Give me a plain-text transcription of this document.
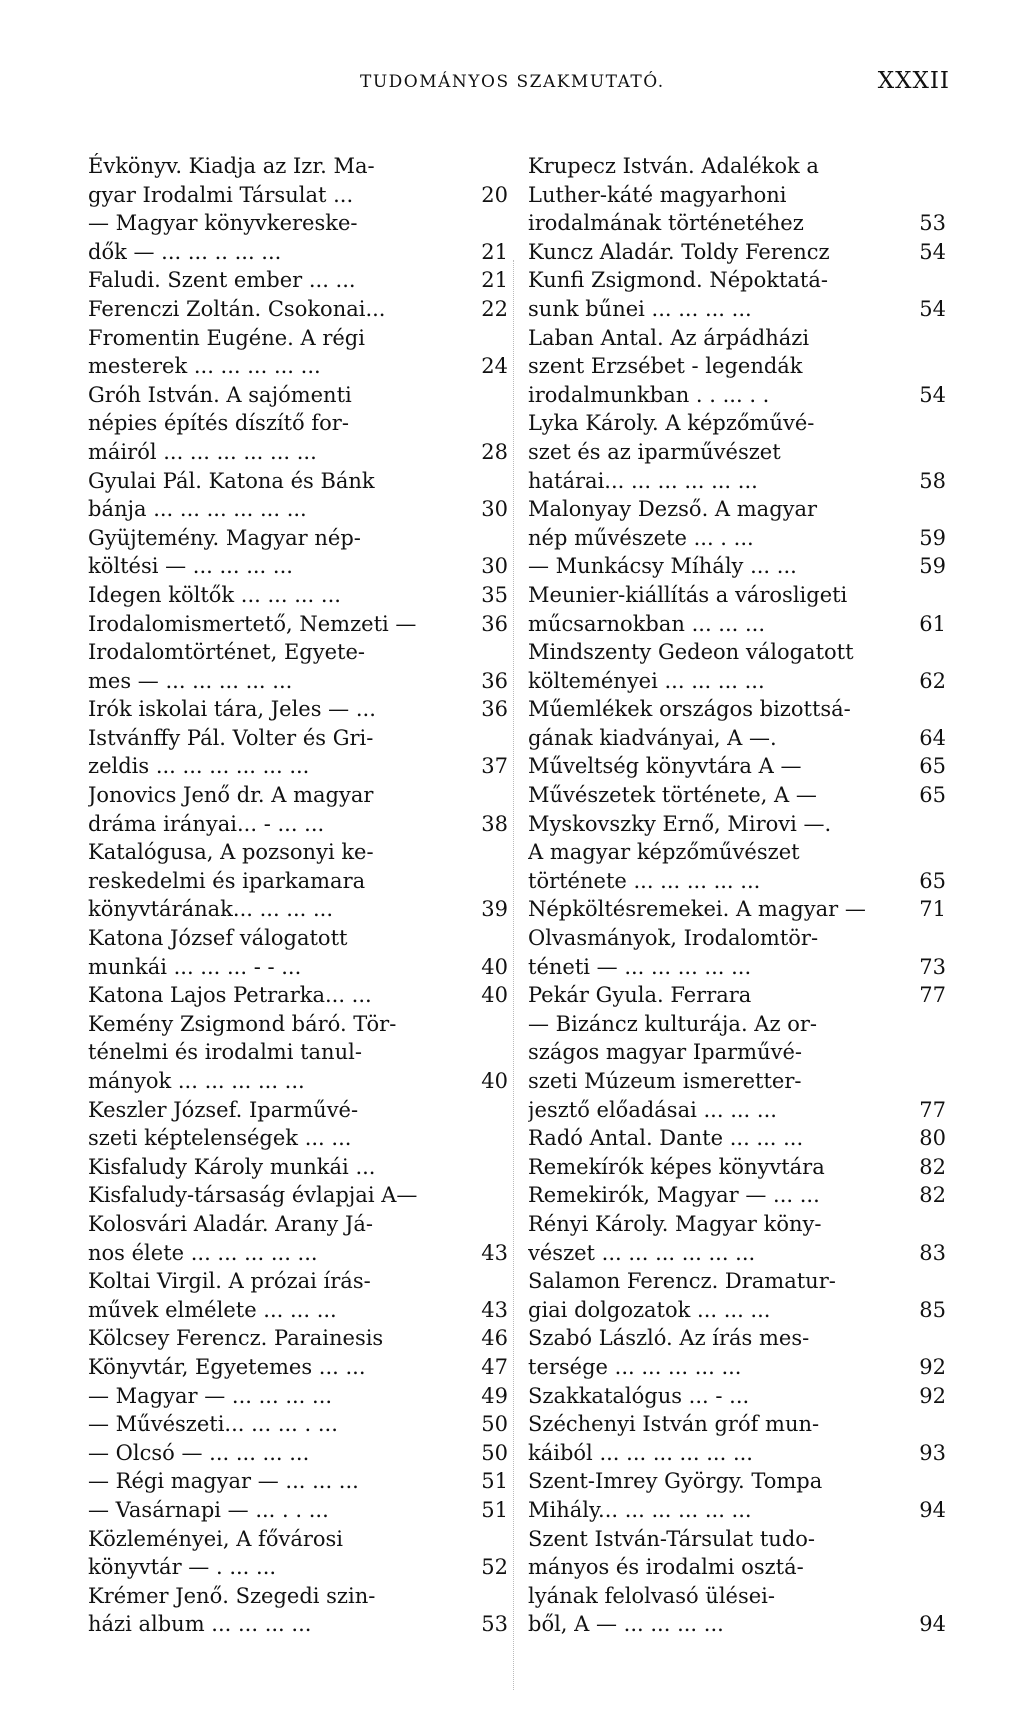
TUDOMÁNYOS SZAKMUTATÓ.	XXXII
Évkönyv. Kiadja az Izr. Ma-
gyar Irodalmi Társulat ...	20
— Magyar könyvkereske-
dők — ... ... .. ... ...	21
Faludi. Szent ember ... ...	21
Ferenczi Zoltán. Csokonai...	22
Fromentin Eugéne. A régi
mesterek ... ... ... ... ...	24
Gróh István. A sajómenti
népies építés díszítő for-
máiról ... ... ... ... ... ...	28
Gyulai Pál. Katona és Bánk
bánja ... ... ... ... ... ...	30
Gyüjtemény. Magyar nép-
költési — ... ... ... ...	30
Idegen költők ... ... ... ...	35
Irodalomismertető, Nemzeti —	36
Irodalomtörténet, Egyete-
mes — ... ... ... ... ...	36
Irók iskolai tára, Jeles — ...	36
Istvánffy Pál. Volter és Gri-
zeldis ... ... ... ... ... ...	37
Jonovics Jenő dr. A magyar
dráma irányai... - ... ...	38
Katalógusa, A pozsonyi ke-
reskedelmi és iparkamara
könyvtárának... ... ... ...	39
Katona József válogatott
munkái ... ... ... - - ...	40
Katona Lajos Petrarka... ...	40
Kemény Zsigmond báró. Tör-
ténelmi és irodalmi tanul-
mányok ... ... ... ... ...	40
Keszler József. Iparművé-
szeti képtelenségek ... ...
Kisfaludy Károly munkái ...
Kisfaludy-társaság évlapjai A—
Kolosvári Aladár. Arany Já-
nos élete ... ... ... ... ...	43
Koltai Virgil. A prózai írás-
művek elmélete ... ... ...	43
Kölcsey Ferencz. Parainesis	46
Könyvtár, Egyetemes ... ...	47
— Magyar — ... ... ... ...	49
— Művészeti... ... ... . ...	50
— Olcsó — ... ... ... ...	50
— Régi magyar — ... ... ...	51
— Vasárnapi — ... . . ...	51
Közleményei, A fővárosi
könyvtár — . ... ...	52
Krémer Jenő. Szegedi szin-
házi album ... ... ... ...	53
Krupecz István. Adalékok a
Luther-káté magyarhoni
irodalmának történetéhez	53
Kuncz Aladár. Toldy Ferencz	54
Kunfi Zsigmond. Népoktatá-
sunk bűnei ... ... ... ...	54
Laban Antal. Az árpádházi
szent Erzsébet - legendák
irodalmunkban . . ... . .	54
Lyka Károly. A képzőművé-
szet és az iparművészet
határai... ... ... ... ... ...	58
Malonyay Dezső. A magyar
nép művészete ... . ...	59
— Munkácsy Míhály ... ...	59
Meunier-kiállítás a városligeti
műcsarnokban ... ... ...	61
Mindszenty Gedeon válogatott
költeményei ... ... ... ...	62
Műemlékek országos bizottsá-
gának kiadványai, A —.	64
Műveltség könyvtára A —	65
Művészetek története, A —	65
Myskovszky Ernő, Mirovi —.
A magyar képzőművészet
története ... ... ... ... ...	65
Népköltésremekei. A magyar —	71
Olvasmányok, Irodalomtör-
téneti — ... ... ... ... ...	73
Pekár Gyula. Ferrara	77
— Bizáncz kulturája. Az or-
szágos magyar Iparművé-
szeti Múzeum ismeretter-
jesztő előadásai ... ... ...	77
Radó Antal. Dante ... ... ...	80
Remekírók képes könyvtára	82
Remekirók, Magyar — ... ...	82
Rényi Károly. Magyar köny-
vészet ... ... ... ... ... ...	83
Salamon Ferencz. Dramatur-
giai dolgozatok ... ... ...	85
Szabó László. Az írás mes-
tersége ... ... ... ... ...	92
Szakkatalógus ... - ...	92
Széchenyi István gróf mun-
káiból ... ... ... ... ... ...	93
Szent-Imrey György. Tompa
Mihály... ... ... ... ... ...	94
Szent István-Társulat tudo-
mányos és irodalmi osztá-
lyának felolvasó ülései-
ből, A — ... ... ... ...	94
